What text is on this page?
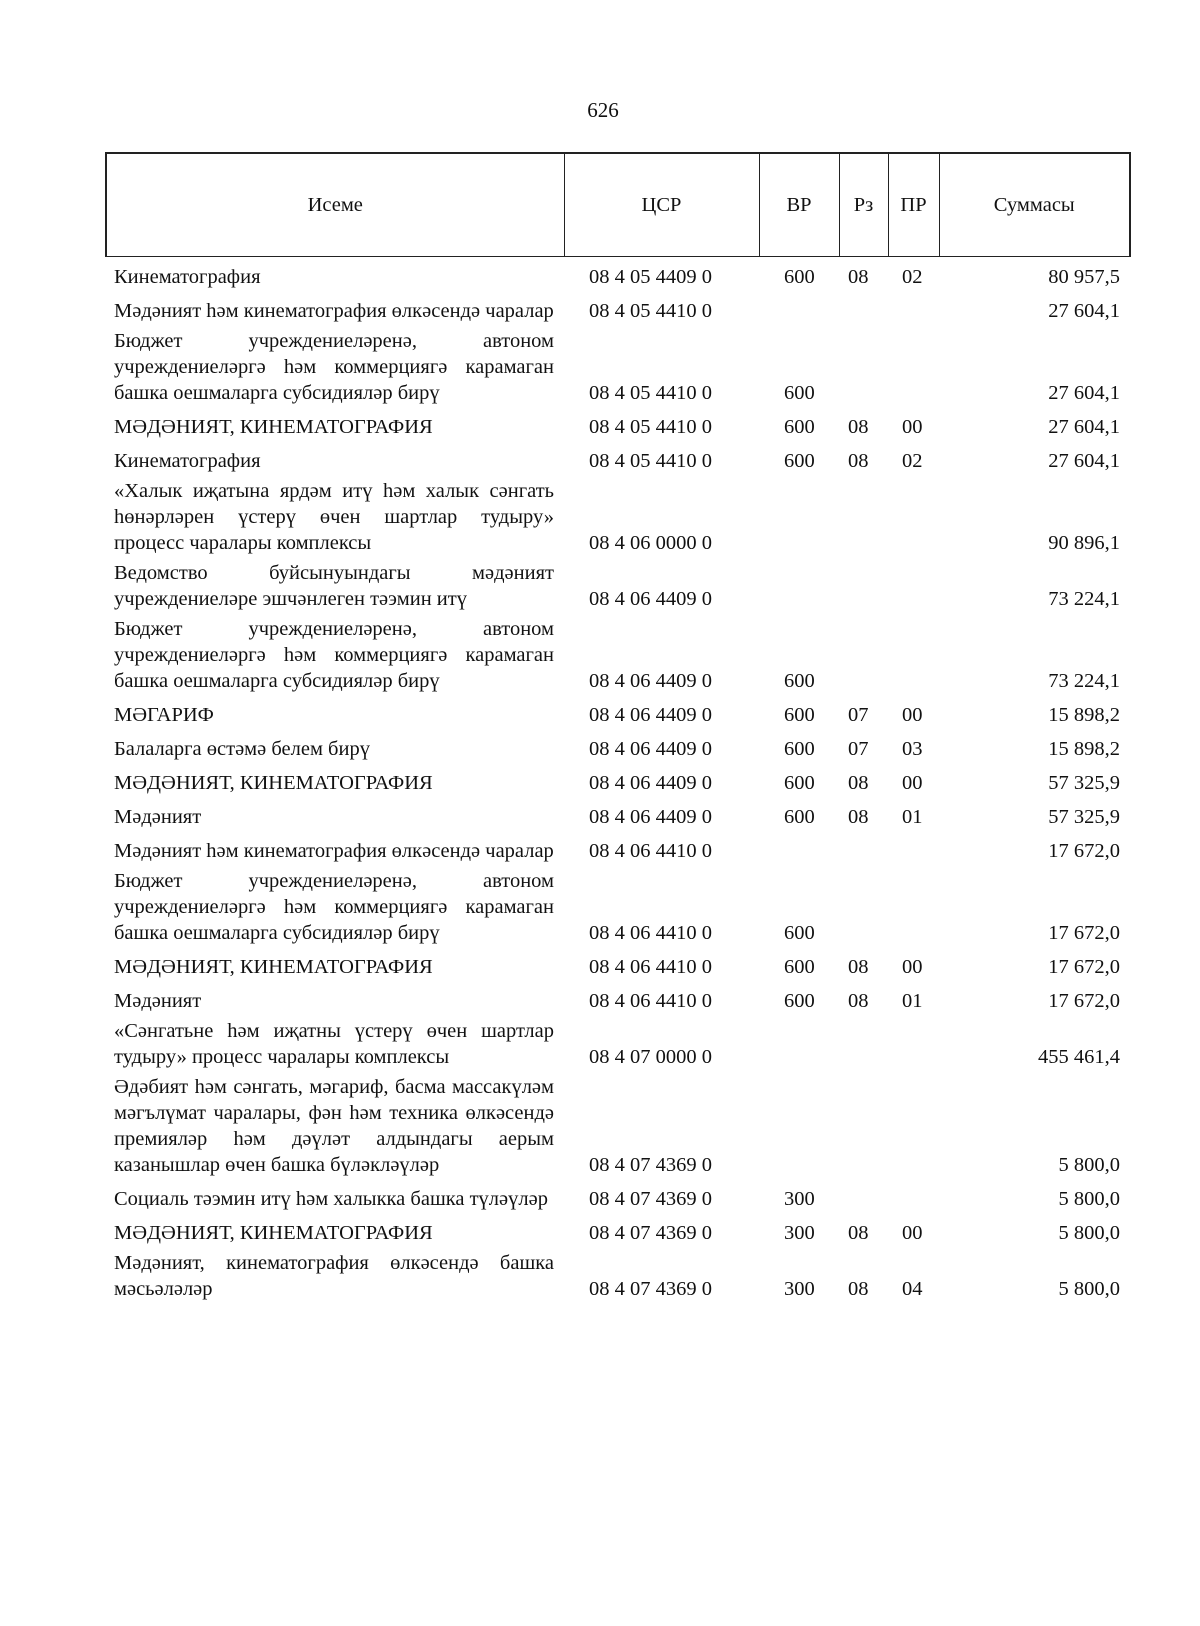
626
Исеме	ЦСР	ВР	Рз	ПР	Суммасы
Кинематография	08 4 05 4409 0	600	08	02	80 957,5
Мәдәният һәм кинематография өлкәсендә чаралар	08 4 05 4410 0				27 604,1
Бюджет учреждениеләренә, автоном учреждениеләргә һәм коммерциягә карамаган башка оешмаларга субсидияләр бирү	08 4 05 4410 0	600			27 604,1
МӘДӘНИЯТ, КИНЕМАТОГРАФИЯ	08 4 05 4410 0	600	08	00	27 604,1
Кинематография	08 4 05 4410 0	600	08	02	27 604,1
«Халык иҗатына ярдәм итү һәм халык сәнгать һөнәрләрен үстерү өчен шартлар тудыру» процесс чаралары комплексы	08 4 06 0000 0				90 896,1
Ведомство буйсынуындагы мәдәният учреждениеләре эшчәнлеген тәэмин итү	08 4 06 4409 0				73 224,1
Бюджет учреждениеләренә, автоном учреждениеләргә һәм коммерциягә карамаган башка оешмаларга субсидияләр бирү	08 4 06 4409 0	600			73 224,1
МӘГАРИФ	08 4 06 4409 0	600	07	00	15 898,2
Балаларга өстәмә белем бирү	08 4 06 4409 0	600	07	03	15 898,2
МӘДӘНИЯТ, КИНЕМАТОГРАФИЯ	08 4 06 4409 0	600	08	00	57 325,9
Мәдәният	08 4 06 4409 0	600	08	01	57 325,9
Мәдәният һәм кинематография өлкәсендә чаралар	08 4 06 4410 0				17 672,0
Бюджет учреждениеләренә, автоном учреждениеләргә һәм коммерциягә карамаган башка оешмаларга субсидияләр бирү	08 4 06 4410 0	600			17 672,0
МӘДӘНИЯТ, КИНЕМАТОГРАФИЯ	08 4 06 4410 0	600	08	00	17 672,0
Мәдәният	08 4 06 4410 0	600	08	01	17 672,0
«Сәнгатьне һәм иҗатны үстерү өчен шартлар тудыру» процесс чаралары комплексы	08 4 07 0000 0				455 461,4
Әдәбият һәм сәнгать, мәгариф, басма массакүләм мәгълүмат чаралары, фән һәм техника өлкәсендә премияләр һәм дәүләт алдындагы аерым казанышлар өчен башка бүләкләүләр	08 4 07 4369 0				5 800,0
Социаль тәэмин итү һәм халыкка башка түләүләр	08 4 07 4369 0	300			5 800,0
МӘДӘНИЯТ, КИНЕМАТОГРАФИЯ	08 4 07 4369 0	300	08	00	5 800,0
Мәдәният, кинематография өлкәсендә башка мәсьәләләр	08 4 07 4369 0	300	08	04	5 800,0
